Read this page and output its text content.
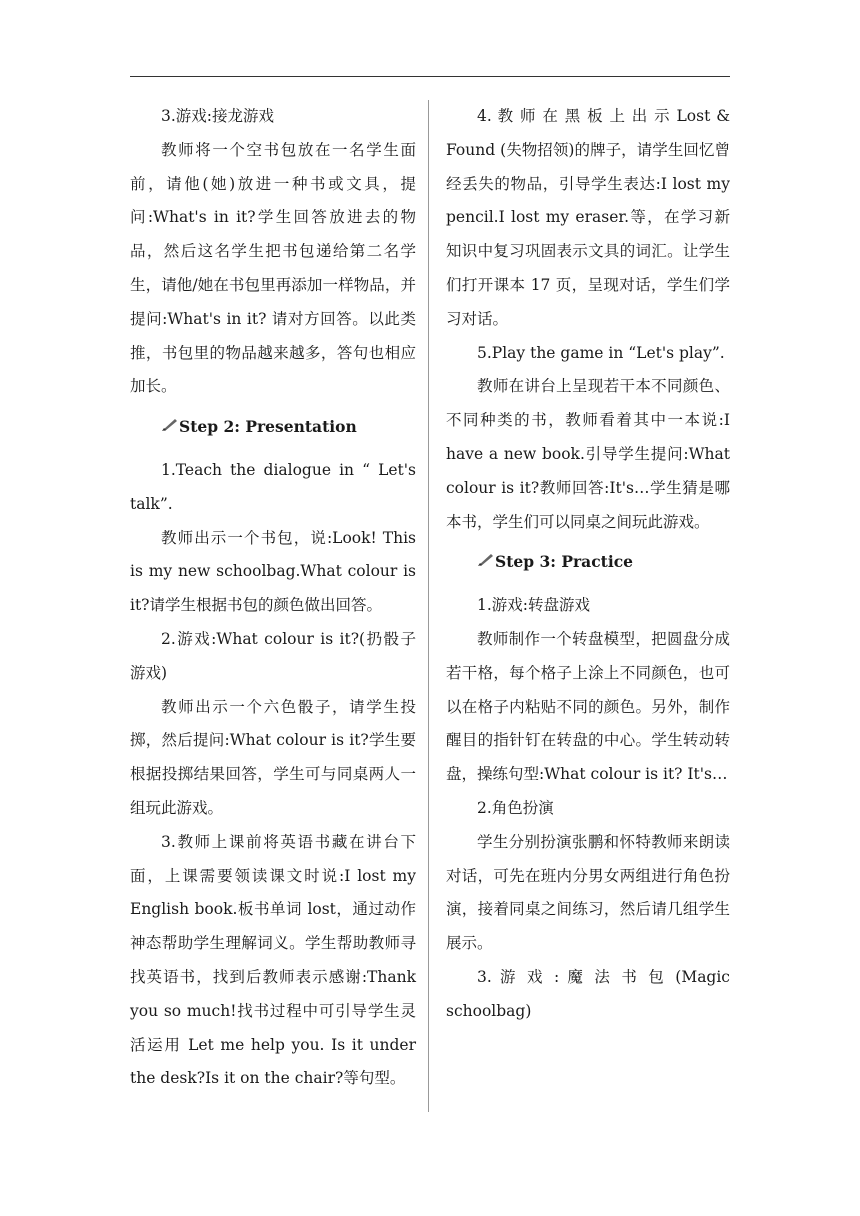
3.游戏:接龙游戏

教师将一个空书包放在一名学生面前，请他(她)放进一种书或文具，提问:What's in it?学生回答放进去的物品，然后这名学生把书包递给第二名学生，请他/她在书包里再添加一样物品，并提问:What's in it? 请对方回答。以此类推，书包里的物品越来越多，答句也相应加长。

Step 2: Presentation

1.Teach the dialogue in “ Let's talk”.

教师出示一个书包，说:Look! This is my new schoolbag.What colour is it?请学生根据书包的颜色做出回答。

2.游戏:What colour is it?(扔骰子游戏)

教师出示一个六色骰子，请学生投掷，然后提问:What colour is it?学生要根据投掷结果回答，学生可与同桌两人一组玩此游戏。

3.教师上课前将英语书藏在讲台下面，上课需要领读课文时说:I lost my English book.板书单词 lost，通过动作神态帮助学生理解词义。学生帮助教师寻找英语书，找到后教师表示感谢:Thank you so much!找书过程中可引导学生灵活运用 Let me help you. Is it under the desk?Is it on the chair?等句型。

4. 教 师 在 黑 板 上 出 示 Lost & Found (失物招领)的牌子，请学生回忆曾经丢失的物品，引导学生表达:I lost my pencil.I lost my eraser.等，在学习新知识中复习巩固表示文具的词汇。让学生们打开课本 17 页，呈现对话，学生们学习对话。

5.Play the game in “Let's play”.

教师在讲台上呈现若干本不同颜色、不同种类的书，教师看着其中一本说:I have a new book.引导学生提问:What colour is it?教师回答:It's…学生猜是哪本书，学生们可以同桌之间玩此游戏。

Step 3: Practice

1.游戏:转盘游戏

教师制作一个转盘模型，把圆盘分成若干格，每个格子上涂上不同颜色，也可以在格子内粘贴不同的颜色。另外，制作醒目的指针钉在转盘的中心。学生转动转盘，操练句型:What colour is it? It's…

2.角色扮演

学生分别扮演张鹏和怀特教师来朗读对话，可先在班内分男女两组进行角色扮演，接着同桌之间练习，然后请几组学生展示。

3. 游 戏 : 魔 法 书 包 (Magic schoolbag)
